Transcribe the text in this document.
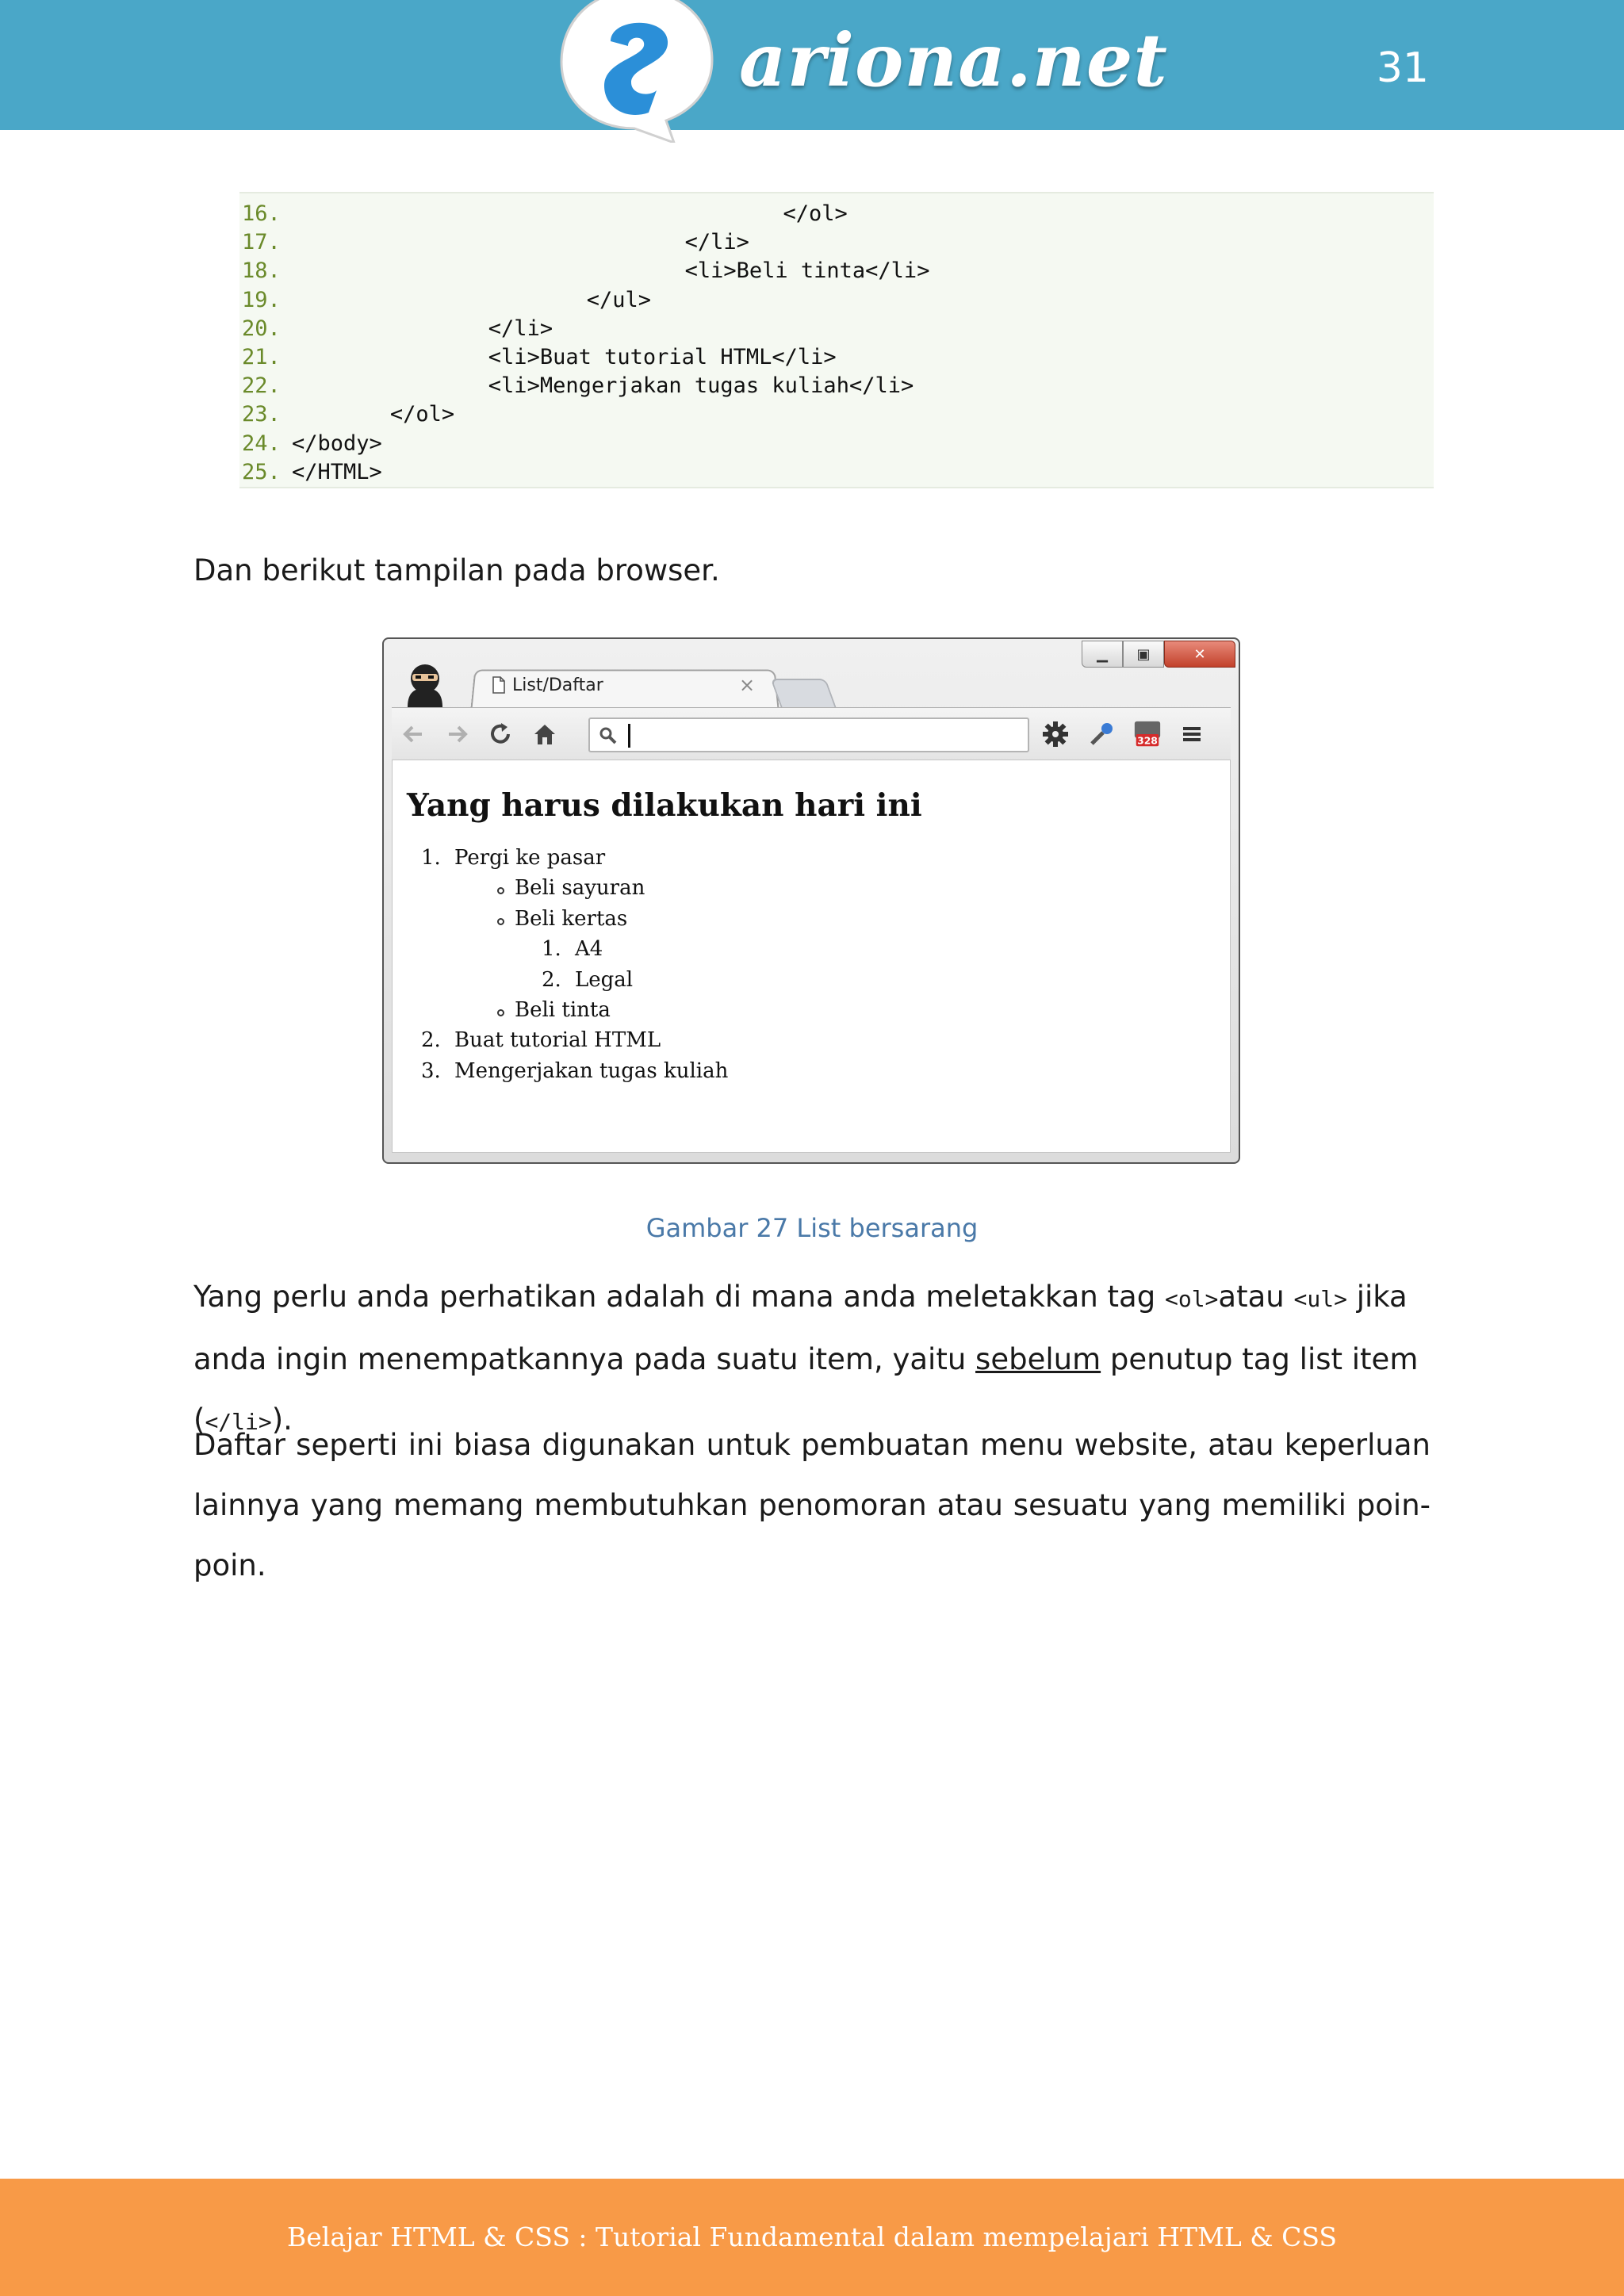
ariona.net	31
16.	</ol>
17.	</li>
18.	<li>Beli tinta</li>
19.	</ul>
20.	</li>
21.	<li>Buat tutorial HTML</li>
22.	<li>Mengerjakan tugas kuliah</li>
23.	</ol>
24. </body>
25. </HTML>
Dan berikut tampilan pada browser.
▁	▣	✕
List/Daftar	×
328
Yang harus dilakukan hari ini
1. Pergi ke pasar
Beli sayuran
Beli kertas
1. A4
2. Legal
Beli tinta
2. Buat tutorial HTML
3. Mengerjakan tugas kuliah
Gambar 27 List bersarang
Yang perlu anda perhatikan adalah di mana anda meletakkan tag <ol>atau <ul> jika anda ingin menempatkannya pada suatu item, yaitu sebelum penutup tag list item (</li>).
Daftar seperti ini biasa digunakan untuk pembuatan menu website, atau keperluan lainnya yang memang membutuhkan penomoran atau sesuatu yang memiliki poin-poin.
Belajar HTML & CSS : Tutorial Fundamental dalam mempelajari HTML & CSS
